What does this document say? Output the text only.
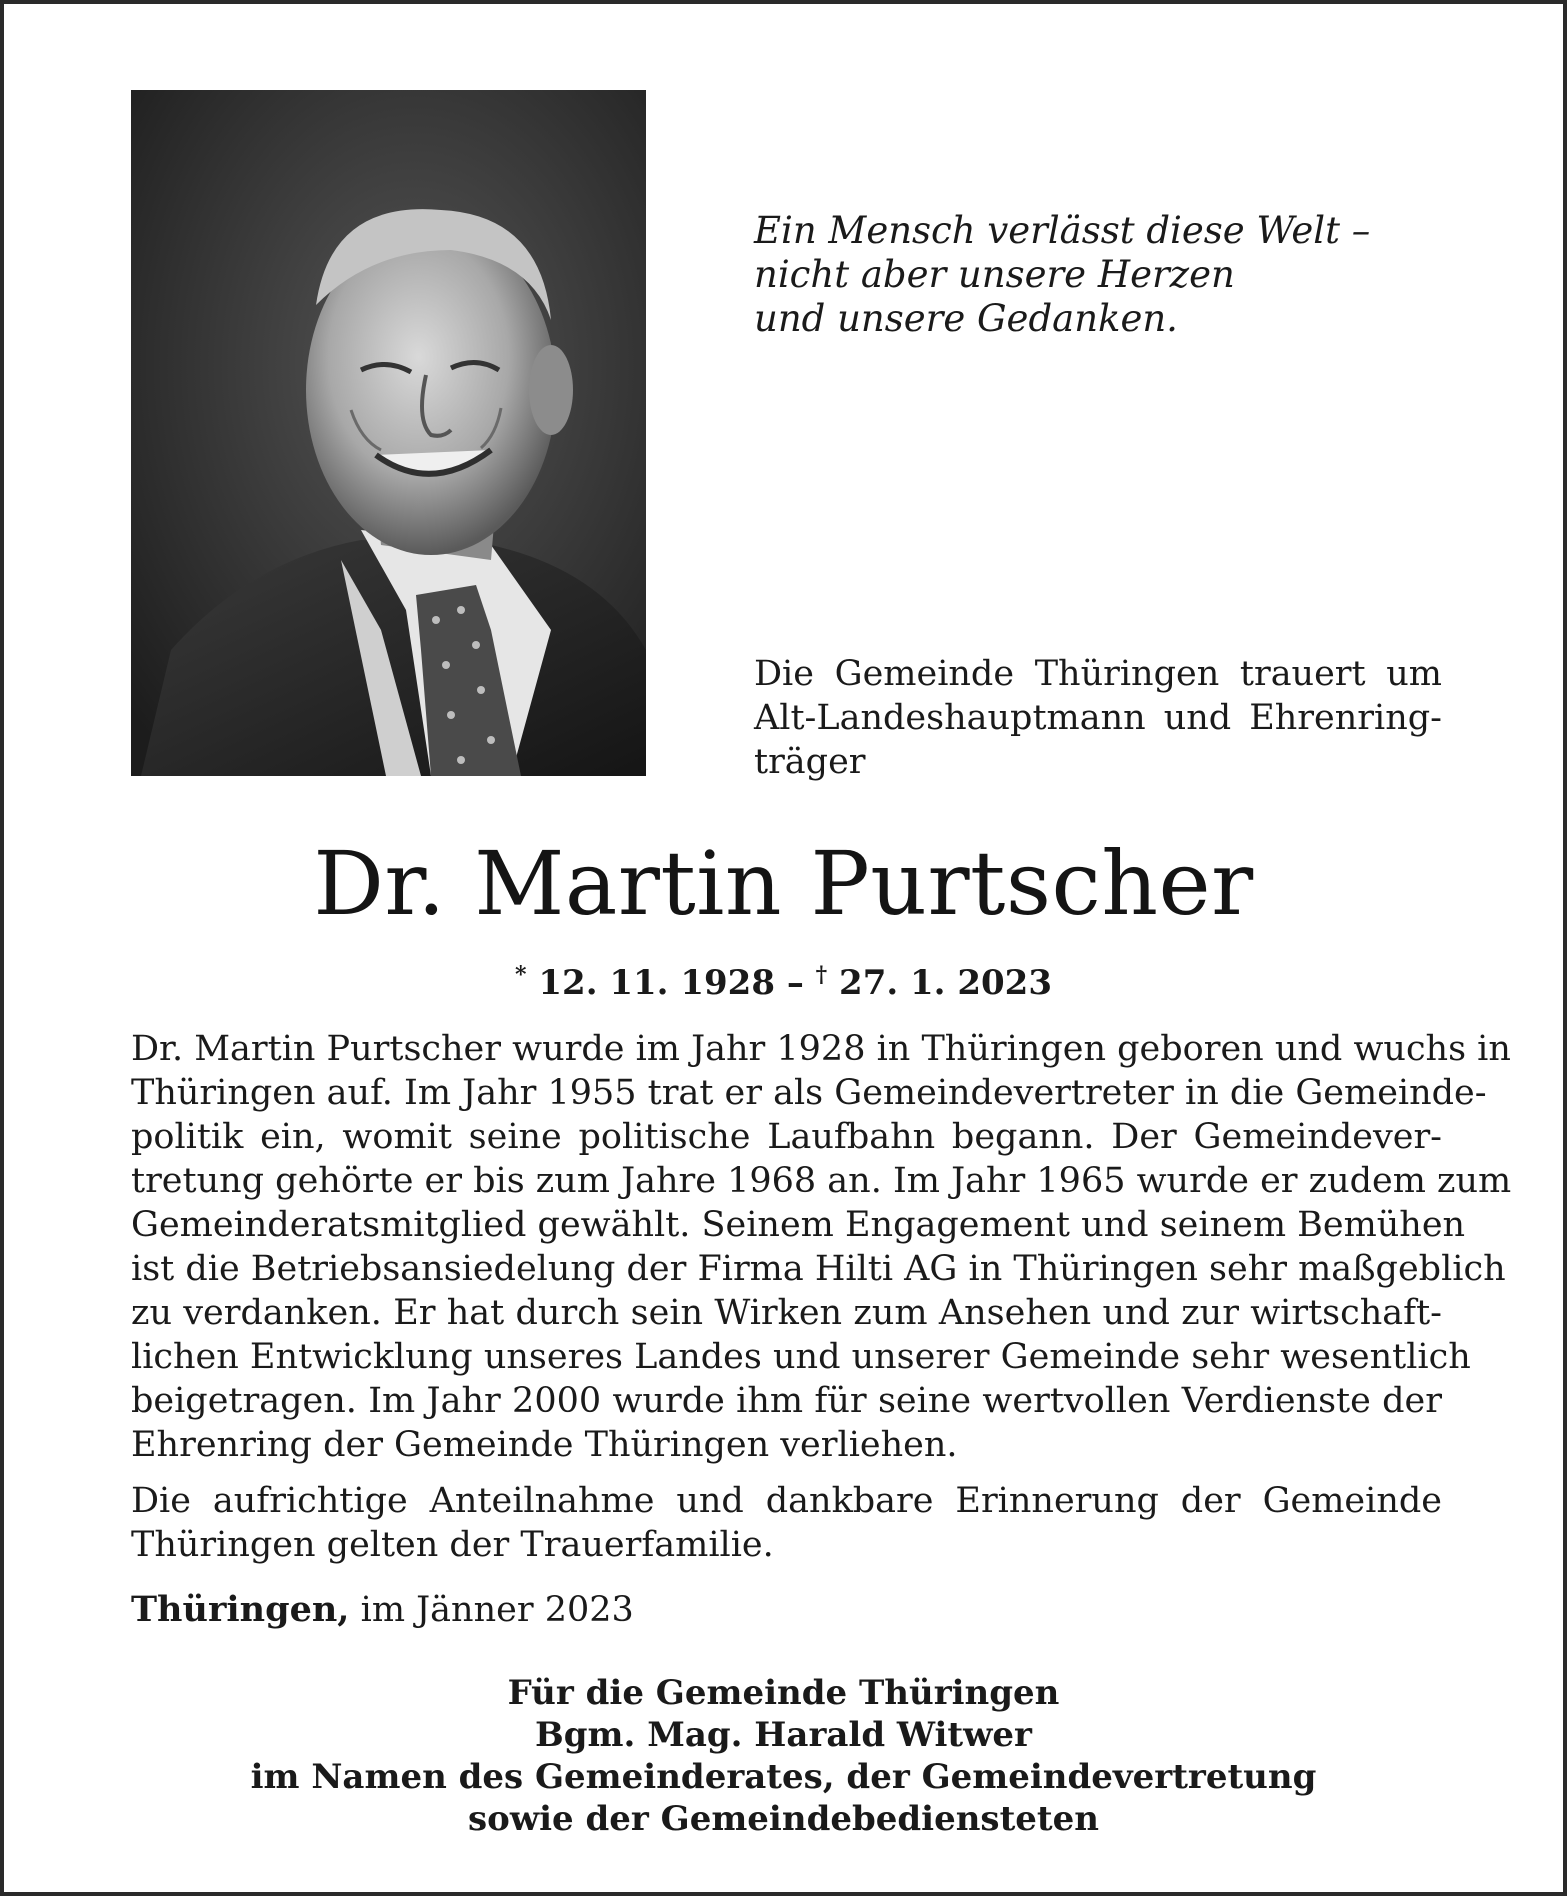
Ein Mensch verlässt diese Welt –
nicht aber unsere Herzen
und unsere Gedanken.
Die Gemeinde Thüringen trauert um
Alt-Landeshauptmann und Ehrenring-
träger
Dr. Martin Purtscher
* 12. 11. 1928 – † 27. 1. 2023
Dr. Martin Purtscher wurde im Jahr 1928 in Thüringen geboren und wuchs in
Thüringen auf. Im Jahr 1955 trat er als Gemeindevertreter in die Gemeinde-
politik ein, womit seine politische Laufbahn begann. Der Gemeindever-
tretung gehörte er bis zum Jahre 1968 an. Im Jahr 1965 wurde er zudem zum
Gemeinderatsmitglied gewählt. Seinem Engagement und seinem Bemühen
ist die Betriebsansiedelung der Firma Hilti AG in Thüringen sehr maßgeblich
zu verdanken. Er hat durch sein Wirken zum Ansehen und zur wirtschaft-
lichen Entwicklung unseres Landes und unserer Gemeinde sehr wesentlich
beigetragen. Im Jahr 2000 wurde ihm für seine wertvollen Verdienste der
Ehrenring der Gemeinde Thüringen verliehen.
Die aufrichtige Anteilnahme und dankbare Erinnerung der Gemeinde
Thüringen gelten der Trauerfamilie.
Thüringen, im Jänner 2023
Für die Gemeinde Thüringen
Bgm. Mag. Harald Witwer
im Namen des Gemeinderates, der Gemeindevertretung
sowie der Gemeindebediensteten
